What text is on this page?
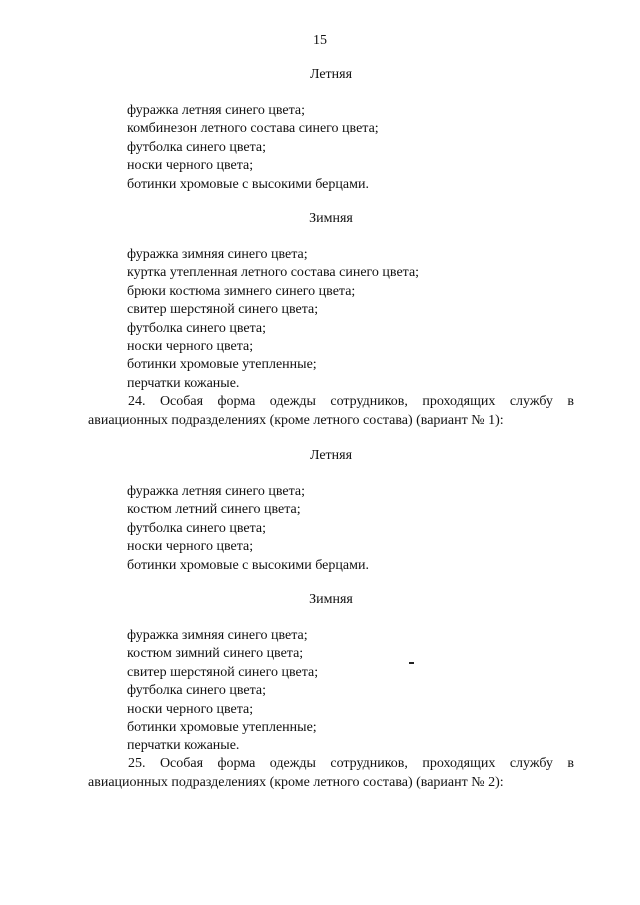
15
Летняя
фуражка летняя синего цвета;
комбинезон летного состава синего цвета;
футболка синего цвета;
носки черного цвета;
ботинки хромовые с высокими берцами.
Зимняя
фуражка зимняя синего цвета;
куртка утепленная летного состава синего цвета;
брюки костюма зимнего синего цвета;
свитер шерстяной синего цвета;
футболка синего цвета;
носки черного цвета;
ботинки хромовые утепленные;
перчатки кожаные.
24. Особая форма одежды сотрудников, проходящих службу в
авиационных подразделениях (кроме летного состава) (вариант № 1):
Летняя
фуражка летняя синего цвета;
костюм летний синего цвета;
футболка синего цвета;
носки черного цвета;
ботинки хромовые с высокими берцами.
Зимняя
фуражка зимняя синего цвета;
костюм зимний синего цвета;
свитер шерстяной синего цвета;
футболка синего цвета;
носки черного цвета;
ботинки хромовые утепленные;
перчатки кожаные.
25. Особая форма одежды сотрудников, проходящих службу в
авиационных подразделениях (кроме летного состава) (вариант № 2):
